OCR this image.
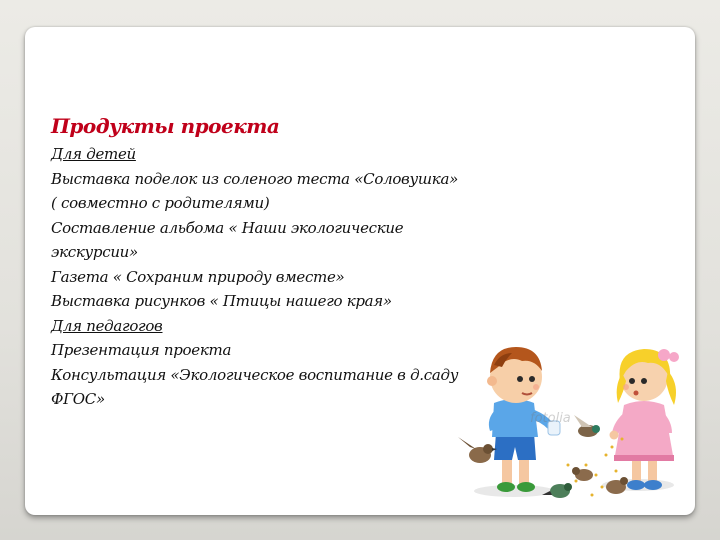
Продукты проекта
Для детей
Выставка поделок из соленого теста «Соловушка»
( совместно с родителями)
Составление альбома « Наши экологические
экскурсии»
Газета « Сохраним природу вместе»
Выставка рисунков « Птицы нашего края»
Для педагогов
Презентация проекта
Консультация «Экологическое воспитание в д.саду
ФГОС»
fotolia
